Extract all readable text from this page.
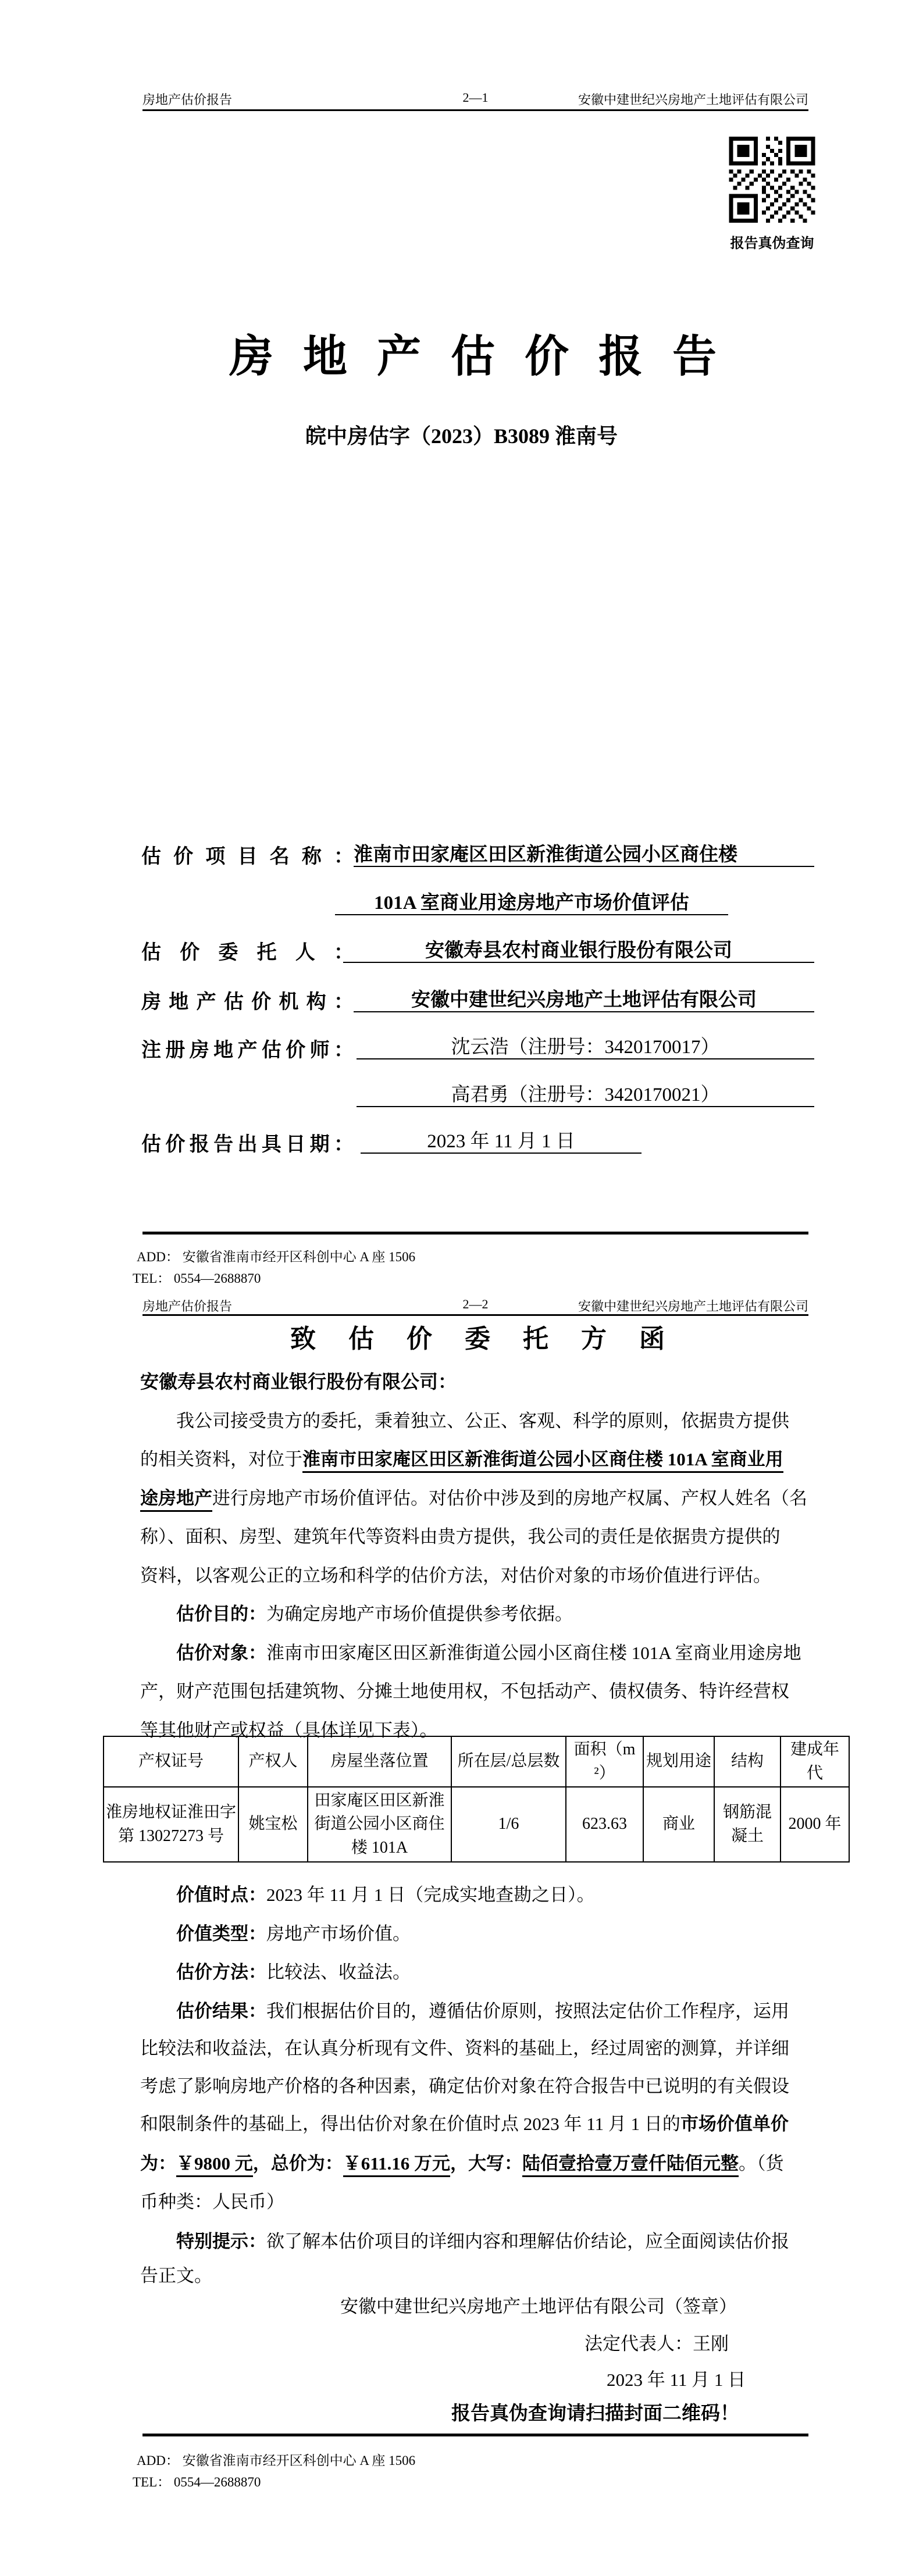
房地产估价报告	2—1	安徽中建世纪兴房地产土地评估有限公司
报告真伪查询
房地产估价报告
皖中房估字（2023）B3089 淮南号
估价项目名称： 淮南市田家庵区田区新淮街道公园小区商住楼
101A 室商业用途房地产市场价值评估
估价委托人：	安徽寿县农村商业银行股份有限公司
房地产估价机构：	安徽中建世纪兴房地产土地评估有限公司
注册房地产估价师：	沈云浩（注册号：3420170017）
高君勇（注册号：3420170021）
估价报告出具日期：	2023 年 11 月 1 日
ADD： 安徽省淮南市经开区科创中心 A 座 1506
TEL： 0554—2688870
房地产估价报告	2—2	安徽中建世纪兴房地产土地评估有限公司
致估价委托方函
安徽寿县农村商业银行股份有限公司：
我公司接受贵方的委托，秉着独立、公正、客观、科学的原则，依据贵方提供
的相关资料，对位于淮南市田家庵区田区新淮街道公园小区商住楼 101A 室商业用
途房地产进行房地产市场价值评估。对估价中涉及到的房地产权属、产权人姓名（名
称）、面积、房型、建筑年代等资料由贵方提供，我公司的责任是依据贵方提供的
资料，以客观公正的立场和科学的估价方法，对估价对象的市场价值进行评估。
估价目的：为确定房地产市场价值提供参考依据。
估价对象：淮南市田家庵区田区新淮街道公园小区商住楼 101A 室商业用途房地
产，财产范围包括建筑物、分摊土地使用权，不包括动产、债权债务、特许经营权
等其他财产或权益（具体详见下表）。
产权证号	产权人	房屋坐落位置	所在层/总层数	面积（m²）	规划用途	结构	建成年代
淮房地权证淮田字第 13027273 号	姚宝松	田家庵区田区新淮街道公园小区商住楼 101A	1/6	623.63	商业	钢筋混凝土	2000 年
价值时点：2023 年 11 月 1 日（完成实地查勘之日）。
价值类型：房地产市场价值。
估价方法：比较法、收益法。
估价结果：我们根据估价目的，遵循估价原则，按照法定估价工作程序，运用
比较法和收益法，在认真分析现有文件、资料的基础上，经过周密的测算，并详细
考虑了影响房地产价格的各种因素，确定估价对象在符合报告中已说明的有关假设
和限制条件的基础上，得出估价对象在价值时点 2023 年 11 月 1 日的市场价值单价
为：￥9800 元，总价为：￥611.16 万元，大写：陆佰壹拾壹万壹仟陆佰元整。（货
币种类：人民币）
特别提示：欲了解本估价项目的详细内容和理解估价结论，应全面阅读估价报
告正文。
安徽中建世纪兴房地产土地评估有限公司（签章）
法定代表人：王刚
2023 年 11 月 1 日
报告真伪查询请扫描封面二维码！
ADD： 安徽省淮南市经开区科创中心 A 座 1506
TEL： 0554—2688870
